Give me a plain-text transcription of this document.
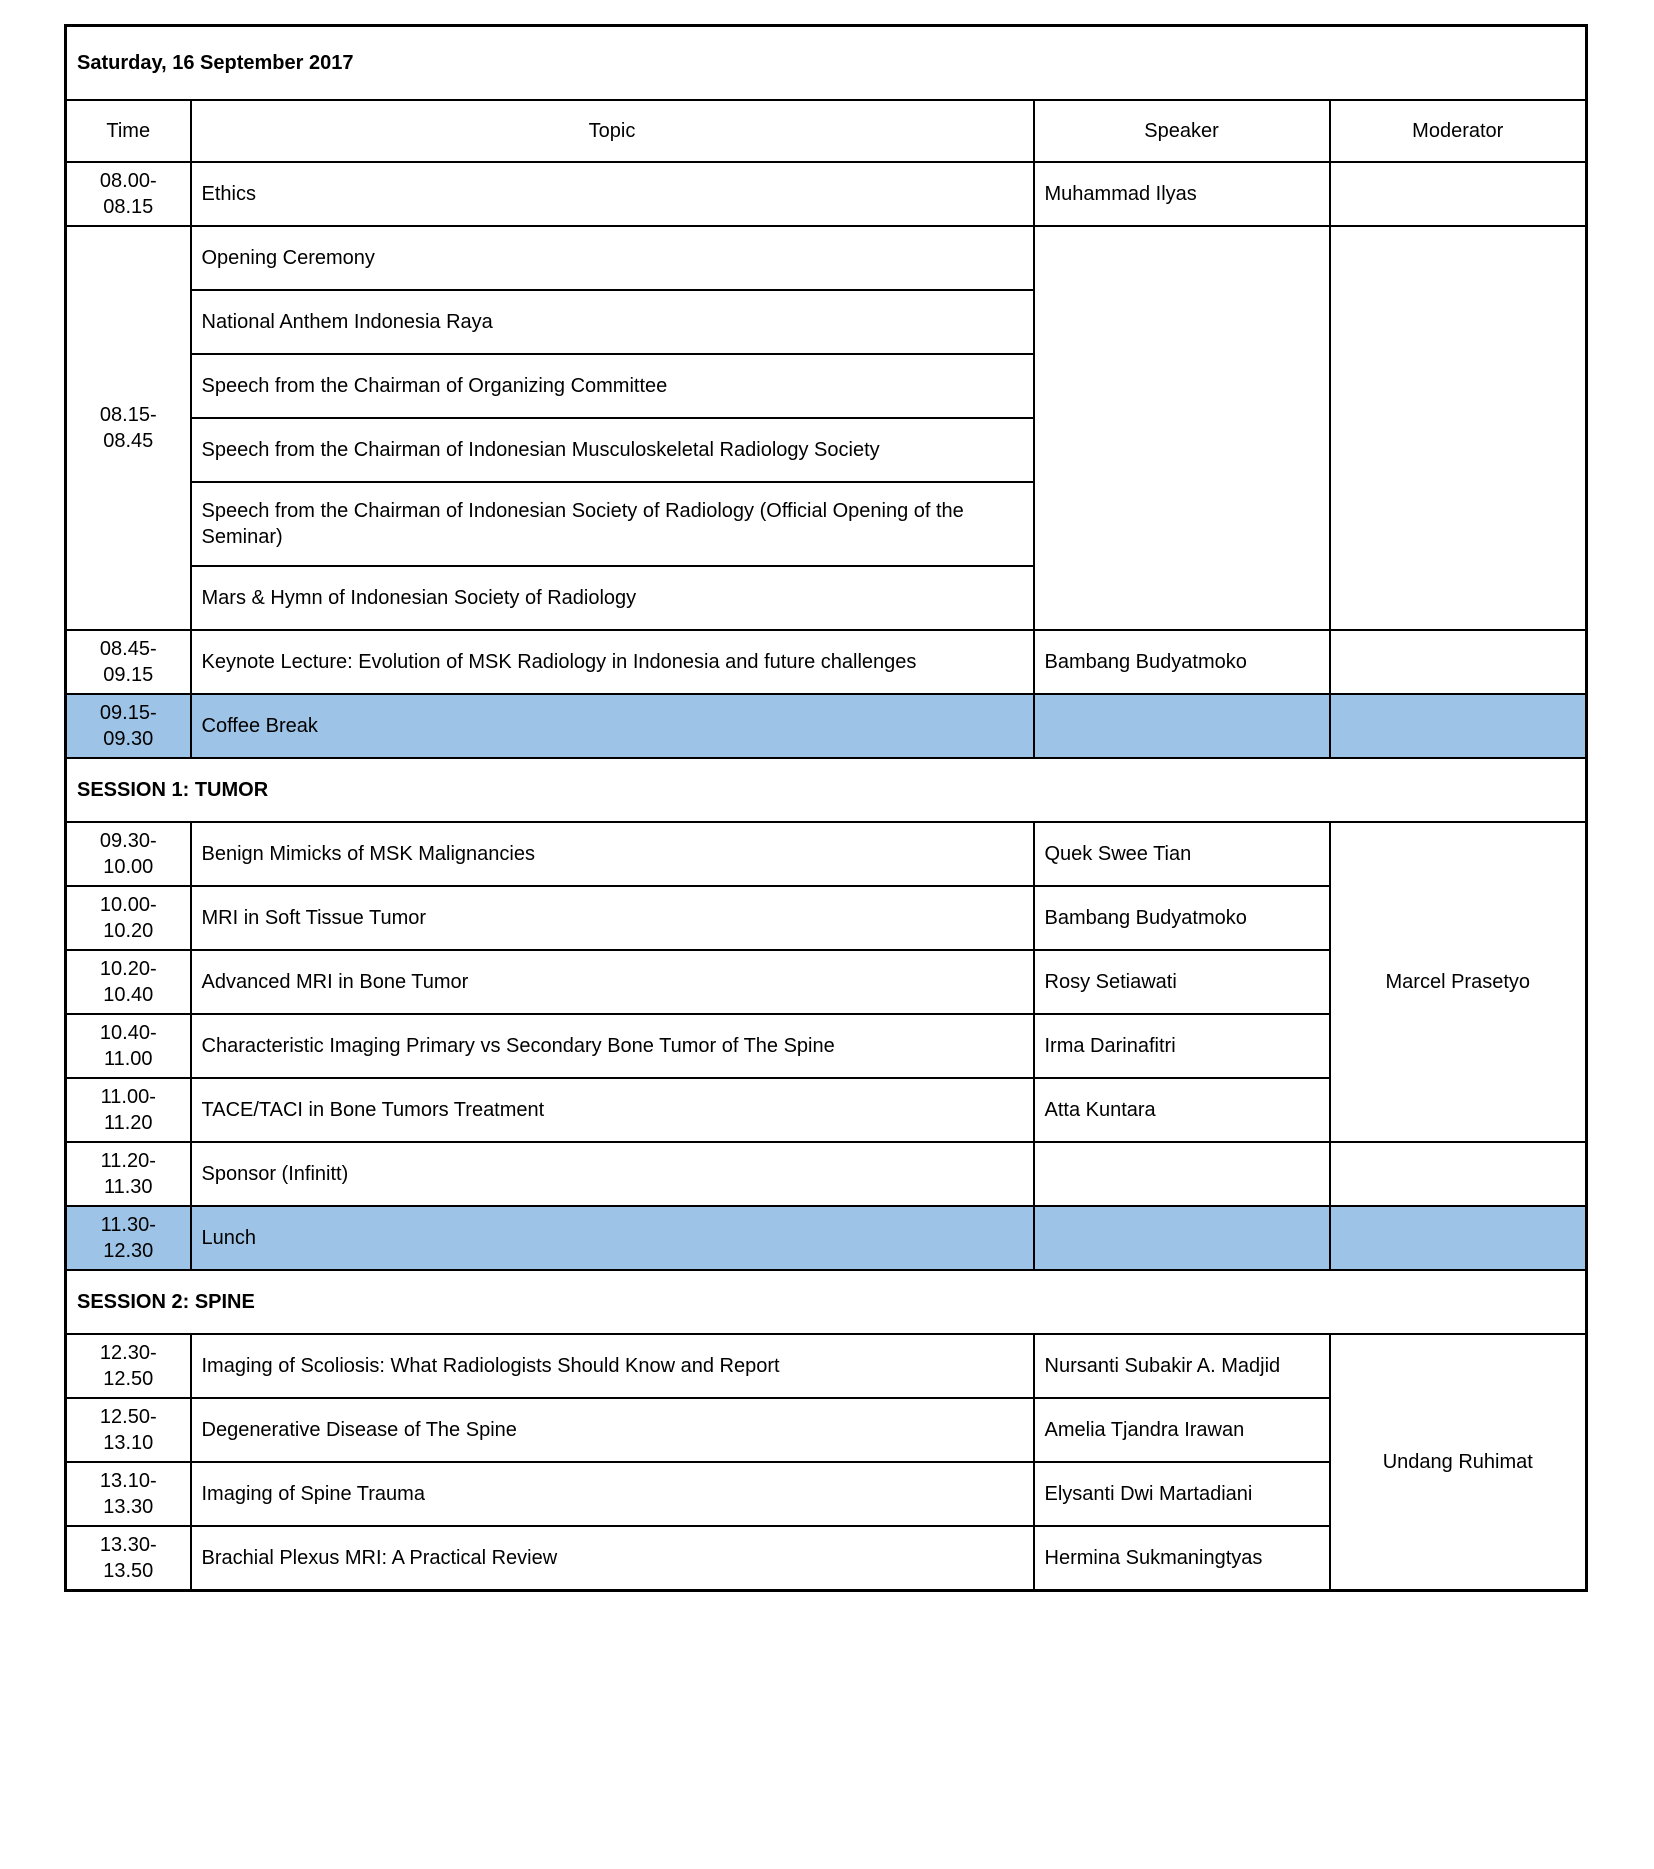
Saturday, 16 September 2017			
Time	Topic	Speaker	Moderator
08.00-08.15	Ethics	Muhammad Ilyas	
08.15-08.45	Opening Ceremony		
	National Anthem Indonesia Raya		
	Speech from the Chairman of Organizing Committee		
	Speech from the Chairman of Indonesian Musculoskeletal Radiology Society		
	Speech from the Chairman of Indonesian Society of Radiology (Official Opening of the Seminar)		
	Mars & Hymn of Indonesian Society of Radiology		
08.45-09.15	Keynote Lecture: Evolution of MSK Radiology in Indonesia and future challenges	Bambang Budyatmoko	
09.15-09.30	Coffee Break		
SESSION 1: TUMOR			
09.30-10.00	Benign Mimicks of MSK Malignancies	Quek Swee Tian	Marcel Prasetyo
10.00-10.20	MRI in Soft Tissue Tumor	Bambang Budyatmoko	
10.20-10.40	Advanced MRI in Bone Tumor	Rosy Setiawati	
10.40-11.00	Characteristic Imaging Primary vs Secondary Bone Tumor of The Spine	Irma Darinafitri	
11.00-11.20	TACE/TACI in Bone Tumors Treatment	Atta Kuntara	
11.20-11.30	Sponsor (Infinitt)		
11.30-12.30	Lunch		
SESSION 2: SPINE			
12.30-12.50	Imaging of Scoliosis: What Radiologists Should Know and Report	Nursanti Subakir A. Madjid	Undang Ruhimat
12.50-13.10	Degenerative Disease of The Spine	Amelia Tjandra Irawan	
13.10-13.30	Imaging of Spine Trauma	Elysanti Dwi Martadiani	
13.30-13.50	Brachial Plexus MRI: A Practical Review	Hermina Sukmaningtyas	
